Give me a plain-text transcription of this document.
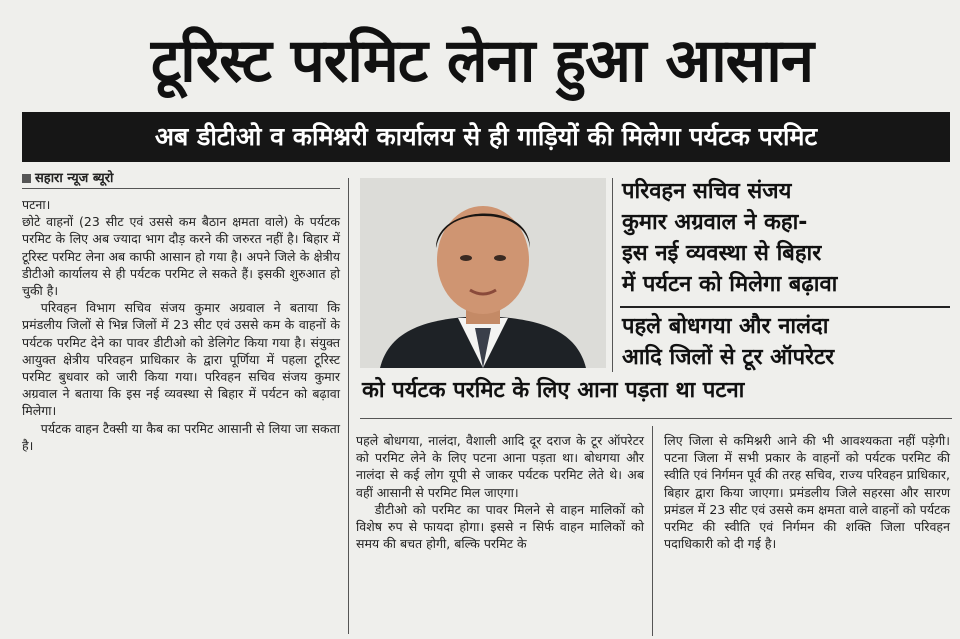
टूरिस्ट परमिट लेना हुआ आसान
अब डीटीओ व कमिश्नरी कार्यालय से ही गाड़ियों की मिलेगा पर्यटक परमिट
सहारा न्यूज ब्यूरो

पटना।

छोटे वाहनों (23 सीट एवं उससे कम बैठान क्षमता वाले) के पर्यटक परमिट के लिए अब ज्यादा भाग दौड़ करने की जरुरत नहीं है। बिहार में टूरिस्ट परमिट लेना अब काफी आसान हो गया है। अपने जिले के क्षेत्रीय डीटीओ कार्यालय से ही पर्यटक परमिट ले सकते हैं। इसकी शुरुआत हो चुकी है।

परिवहन विभाग सचिव संजय कुमार अग्रवाल ने बताया कि प्रमंडलीय जिलों से भिन्न जिलों में 23 सीट एवं उससे कम के वाहनों के पर्यटक परमिट देने का पावर डीटीओ को डेलिगेट किया गया है। संयुक्त आयुक्त क्षेत्रीय परिवहन प्राधिकार के द्वारा पूर्णिया में पहला टूरिस्ट परमिट बुधवार को जारी किया गया। परिवहन सचिव संजय कुमार अग्रवाल ने बताया कि इस नई व्यवस्था से बिहार में पर्यटन को बढ़ावा मिलेगा।

पर्यटक वाहन टैक्सी या कैब का परमिट आसानी से लिया जा सकता है।

परिवहन सचिव संजय
कुमार अग्रवाल ने कहा-
इस नई व्यवस्था से बिहार
में पर्यटन को मिलेगा बढ़ावा
पहले बोधगया और नालंदा
आदि जिलों से टूर ऑपरेटर
को पर्यटक परमिट के लिए आना पड़ता था पटना

पहले बोधगया, नालंदा, वैशाली आदि दूर दराज के टूर ऑपरेटर को परमिट लेने के लिए पटना आना पड़ता था। बोधगया और नालंदा से कई लोग यूपी से जाकर पर्यटक परमिट लेते थे। अब वहीं आसानी से परमिट मिल जाएगा।

डीटीओ को परमिट का पावर मिलने से वाहन मालिकों को विशेष रुप से फायदा होगा। इससे न सिर्फ वाहन मालिकों को समय की बचत होगी, बल्कि परमिट के

लिए जिला से कमिश्नरी आने की भी आवश्यकता नहीं पड़ेगी। पटना जिला में सभी प्रकार के वाहनों को पर्यटक परमिट की स्वीति एवं निर्गमन पूर्व की तरह सचिव, राज्य परिवहन प्राधिकार, बिहार द्वारा किया जाएगा। प्रमंडलीय जिले सहरसा और सारण प्रमंडल में 23 सीट एवं उससे कम क्षमता वाले वाहनों को पर्यटक परमिट की स्वीति एवं निर्गमन की शक्ति जिला परिवहन पदाधिकारी को दी गई है।
